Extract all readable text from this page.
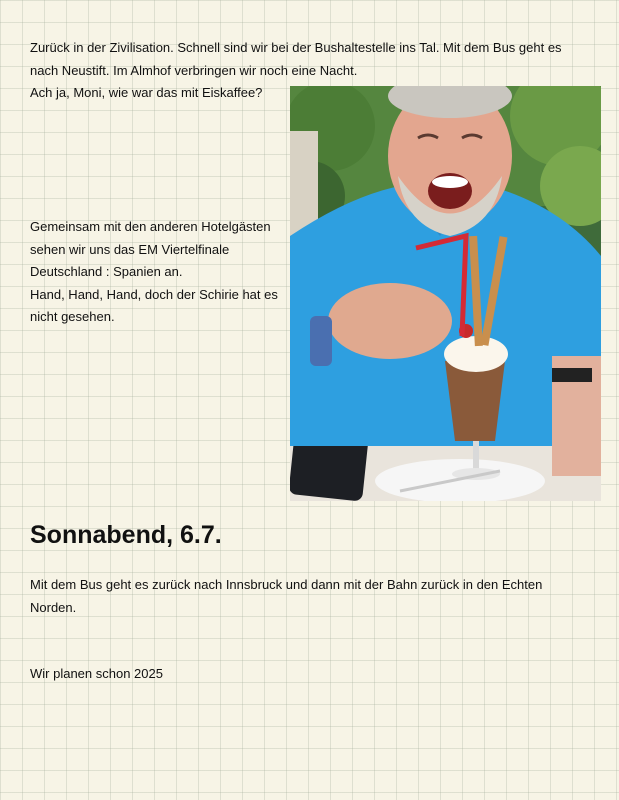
Zurück in der Zivilisation. Schnell sind wir bei der Bushaltestelle ins Tal. Mit dem Bus geht es
nach Neustift. Im Almhof verbringen wir noch eine Nacht.
Ach ja, Moni, wie war das mit Eiskaffee?
Gemeinsam mit den anderen Hotelgästen
sehen wir uns das EM Viertelfinale
Deutschland : Spanien an.
Hand, Hand, Hand, doch der Schirie hat es
nicht gesehen.
Sonnabend, 6.7.
Mit dem Bus geht es zurück nach Innsbruck und dann mit der Bahn zurück in den Echten
Norden.
Wir planen schon 2025
